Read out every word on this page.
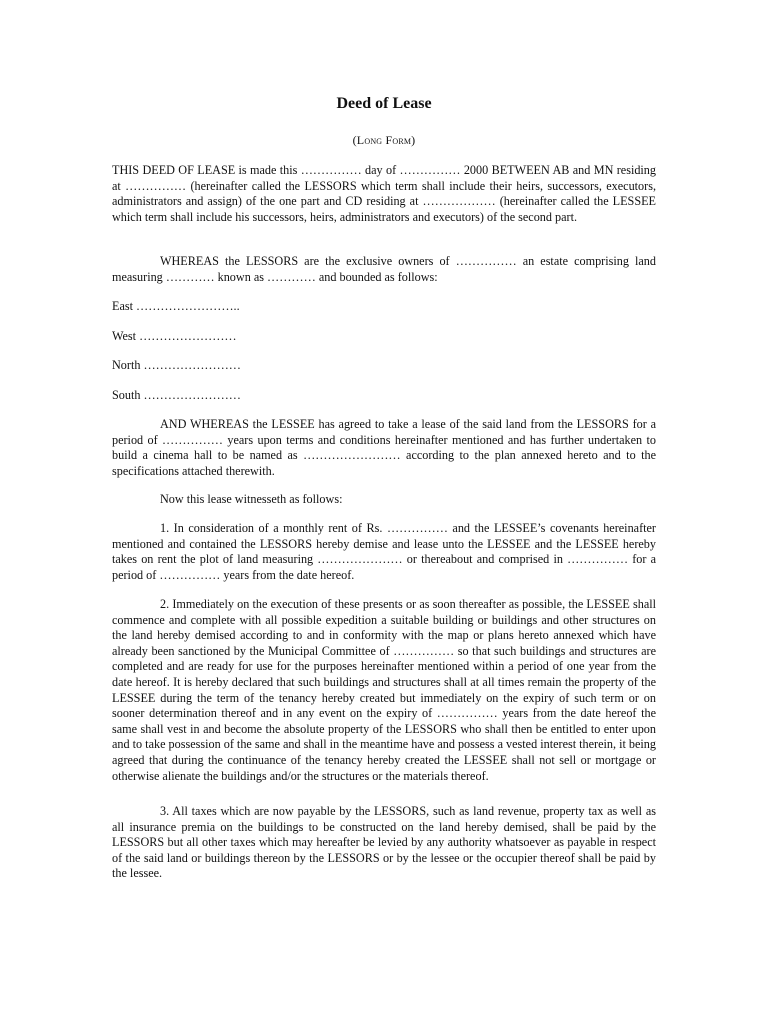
Deed of Lease
(Long Form)

THIS DEED OF LEASE is made this …………… day of …………… 2000 BETWEEN AB and MN residing at …………… (hereinafter called the LESSORS which term shall include their heirs, successors, executors, administrators and assign) of the one part and CD residing at ……………… (hereinafter called the LESSEE which term shall include his successors, heirs, administrators and executors) of the second part.

WHEREAS the LESSORS are the exclusive owners of …………… an estate comprising land measuring ………… known as ………… and bounded as follows:

East ……………………..

West ……………………

North ……………………

South ……………………

AND WHEREAS the LESSEE has agreed to take a lease of the said land from the LESSORS for a period of …………… years upon terms and conditions hereinafter mentioned and has further undertaken to build a cinema hall to be named as …………………… according to the plan annexed hereto and to the specifications attached therewith.

Now this lease witnesseth as follows:

1. In consideration of a monthly rent of Rs. …………… and the LESSEE’s covenants hereinafter mentioned and contained the LESSORS hereby demise and lease unto the LESSEE and the LESSEE hereby takes on rent the plot of land measuring ………………… or thereabout and comprised in …………… for a period of …………… years from the date hereof.

2. Immediately on the execution of these presents or as soon thereafter as possible, the LESSEE shall commence and complete with all possible expedition a suitable building or buildings and other structures on the land hereby demised according to and in conformity with the map or plans hereto annexed which have already been sanctioned by the Municipal Committee of …………… so that such buildings and structures are completed and are ready for use for the purposes hereinafter mentioned within a period of one year from the date hereof. It is hereby declared that such buildings and structures shall at all times remain the property of the LESSEE during the term of the tenancy hereby created but immediately on the expiry of such term or on sooner determination thereof and in any event on the expiry of …………… years from the date hereof the same shall vest in and become the absolute property of the LESSORS who shall then be entitled to enter upon and to take possession of the same and shall in the meantime have and possess a vested interest therein, it being agreed that during the continuance of the tenancy hereby created the LESSEE shall not sell or mortgage or otherwise alienate the buildings and/or the structures or the materials thereof.

3. All taxes which are now payable by the LESSORS, such as land revenue, property tax as well as all insurance premia on the buildings to be constructed on the land hereby demised, shall be paid by the LESSORS but all other taxes which may hereafter be levied by any authority whatsoever as payable in respect of the said land or buildings thereon by the LESSORS or by the lessee or the occupier thereof shall be paid by the lessee.
